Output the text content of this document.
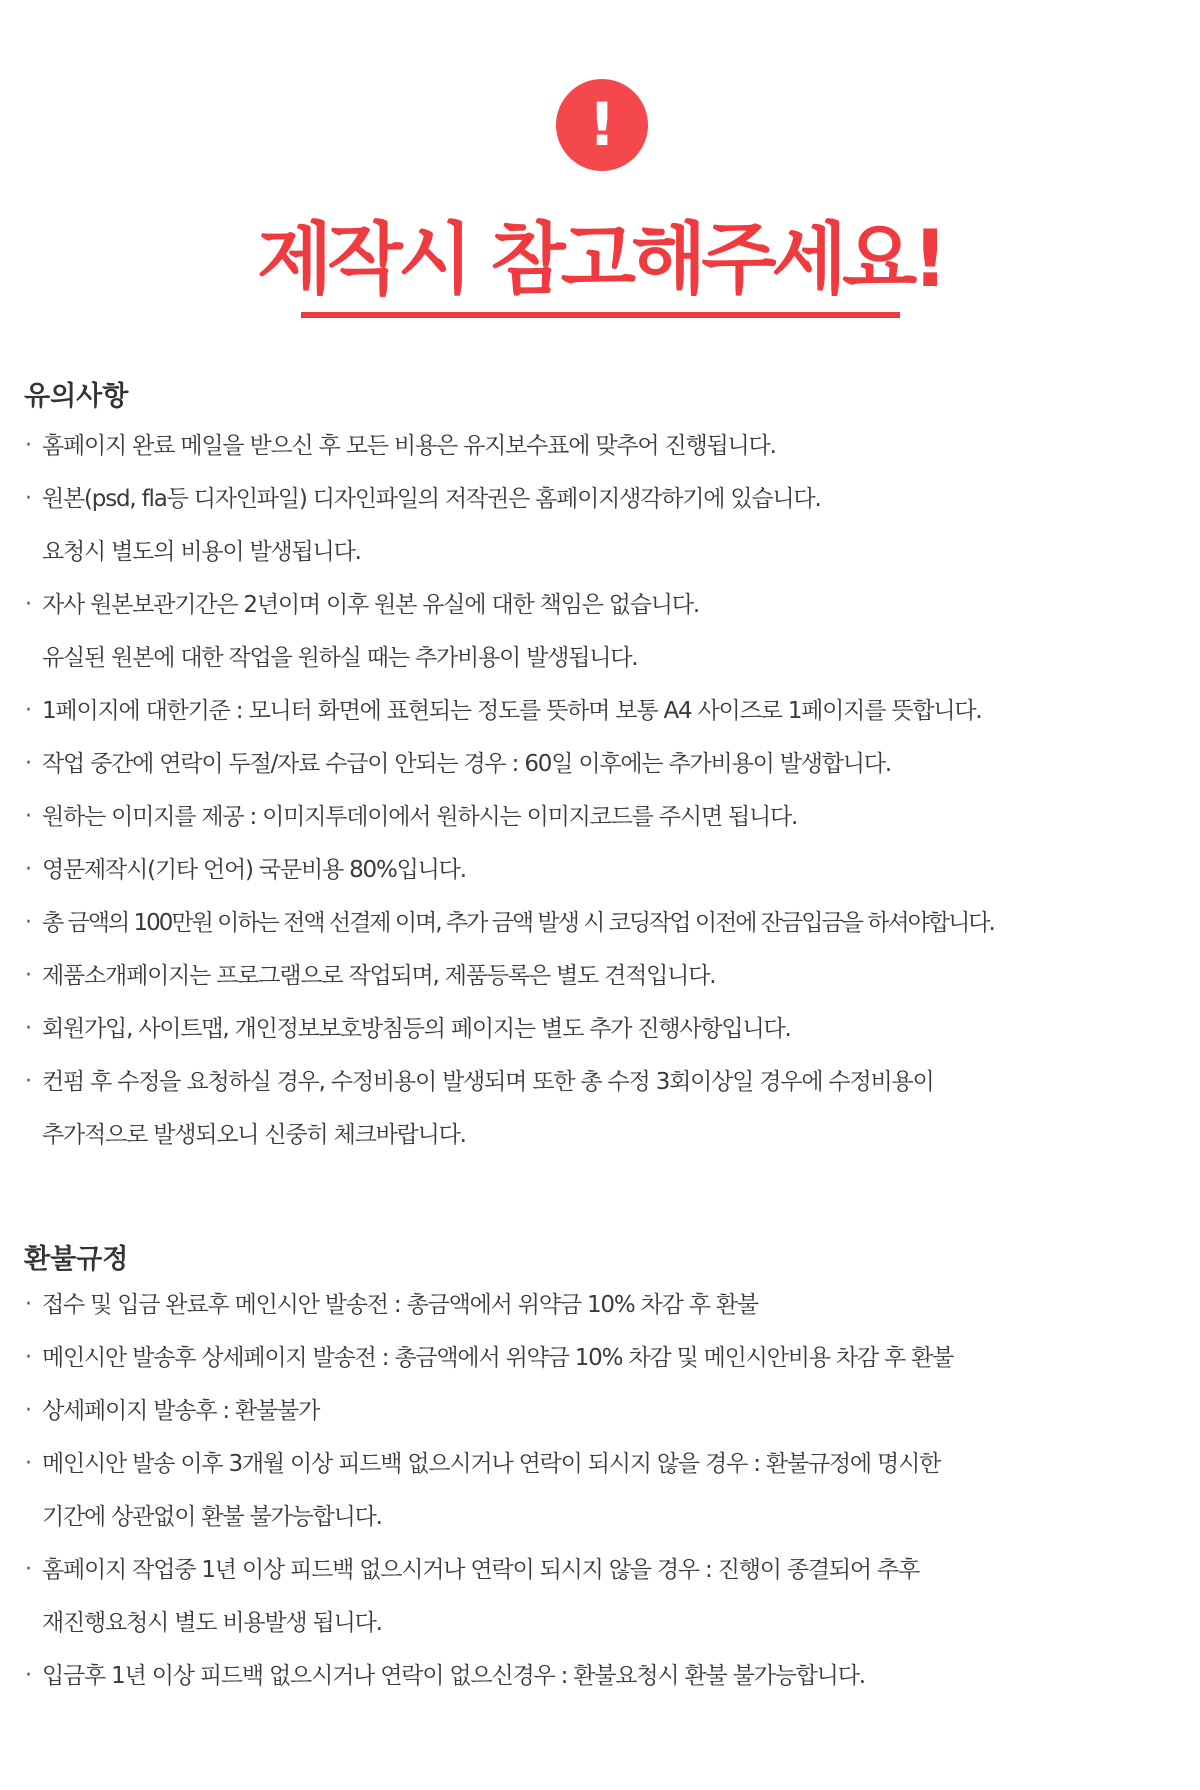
!
제작시 참고해주세요!
유의사항
· 홈페이지 완료 메일을 받으신 후 모든 비용은 유지보수표에 맞추어 진행됩니다.
· 원본(psd, fla등 디자인파일) 디자인파일의 저작권은 홈페이지생각하기에 있습니다.
요청시 별도의 비용이 발생됩니다.
· 자사 원본보관기간은 2년이며 이후 원본 유실에 대한 책임은 없습니다.
유실된 원본에 대한 작업을 원하실 때는 추가비용이 발생됩니다.
· 1페이지에 대한기준 : 모니터 화면에 표현되는 정도를 뜻하며 보통 A4 사이즈로 1페이지를 뜻합니다.
· 작업 중간에 연락이 두절/자료 수급이 안되는 경우 : 60일 이후에는 추가비용이 발생합니다.
· 원하는 이미지를 제공 : 이미지투데이에서 원하시는 이미지코드를 주시면 됩니다.
· 영문제작시(기타 언어) 국문비용 80%입니다.
· 총 금액의 100만원 이하는 전액 선결제 이며, 추가 금액 발생 시 코딩작업 이전에 잔금입금을 하셔야합니다.
· 제품소개페이지는 프로그램으로 작업되며, 제품등록은 별도 견적입니다.
· 회원가입, 사이트맵, 개인정보보호방침등의 페이지는 별도 추가 진행사항입니다.
· 컨펌 후 수정을 요청하실 경우, 수정비용이 발생되며 또한 총 수정 3회이상일 경우에 수정비용이
추가적으로 발생되오니 신중히 체크바랍니다.
환불규정
· 접수 및 입금 완료후 메인시안 발송전 : 총금액에서 위약금 10% 차감 후 환불
· 메인시안 발송후 상세페이지 발송전 : 총금액에서 위약금 10% 차감 및 메인시안비용 차감 후 환불
· 상세페이지 발송후 : 환불불가
· 메인시안 발송 이후 3개월 이상 피드백 없으시거나 연락이 되시지 않을 경우 : 환불규정에 명시한
기간에 상관없이 환불 불가능합니다.
· 홈페이지 작업중 1년 이상 피드백 없으시거나 연락이 되시지 않을 경우 : 진행이 종결되어 추후
재진행요청시 별도 비용발생 됩니다.
· 입금후 1년 이상 피드백 없으시거나 연락이 없으신경우 : 환불요청시 환불 불가능합니다.
